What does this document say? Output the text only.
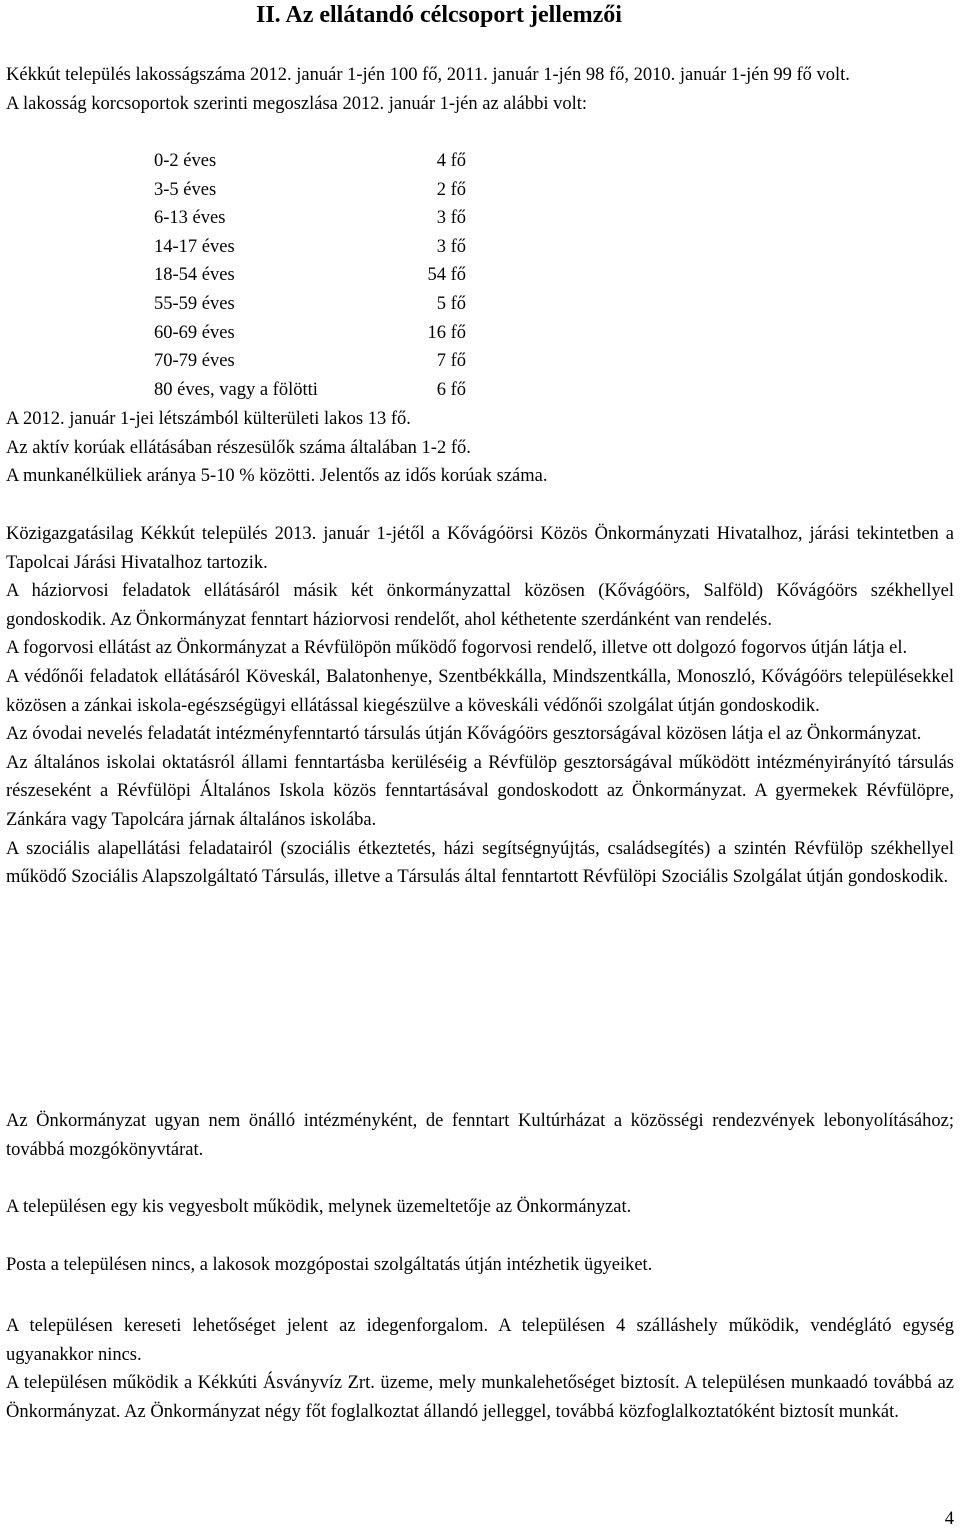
II. Az ellátandó célcsoport jellemzői

Kékkút település lakosságszáma 2012. január 1-jén 100 fő, 2011. január 1-jén 98 fő, 2010. január 1-jén 99 fő volt.

A lakosság korcsoportok szerinti megoszlása 2012. január 1-jén az alábbi volt:

0-2 éves	4 fő
3-5 éves	2 fő
6-13 éves	3 fő
14-17 éves	3 fő
18-54 éves	54 fő
55-59 éves	5 fő
60-69 éves	16 fő
70-79 éves	7 fő
80 éves, vagy a fölötti	6 fő

A 2012. január 1-jei létszámból külterületi lakos 13 fő.

Az aktív korúak ellátásában részesülők száma általában 1-2 fő.

A munkanélküliek aránya 5-10 % közötti. Jelentős az idős korúak száma.

Közigazgatásilag Kékkút település 2013. január 1-jétől a Kővágóörsi Közös Önkormányzati Hivatalhoz, járási tekintetben a Tapolcai Járási Hivatalhoz tartozik.

A háziorvosi feladatok ellátásáról másik két önkormányzattal közösen (Kővágóörs, Salföld) Kővágóörs székhellyel gondoskodik. Az Önkormányzat fenntart háziorvosi rendelőt, ahol kéthetente szerdánként van rendelés.

A fogorvosi ellátást az Önkormányzat a Révfülöpön működő fogorvosi rendelő, illetve ott dolgozó fogorvos útján látja el.

A védőnői feladatok ellátásáról Köveskál, Balatonhenye, Szentbékkálla, Mindszentkálla, Monoszló, Kővágóörs településekkel közösen a zánkai iskola-egészségügyi ellátással kiegészülve a köveskáli védőnői szolgálat útján gondoskodik.

Az óvodai nevelés feladatát intézményfenntartó társulás útján Kővágóörs gesztorságával közösen látja el az Önkormányzat.

Az általános iskolai oktatásról állami fenntartásba kerüléséig a Révfülöp gesztorságával működött intézményirányító társulás részeseként a Révfülöpi Általános Iskola közös fenntartásával gondoskodott az Önkormányzat. A gyermekek Révfülöpre, Zánkára vagy Tapolcára járnak általános iskolába.

A szociális alapellátási feladatairól (szociális étkeztetés, házi segítségnyújtás, családsegítés) a szintén Révfülöp székhellyel működő Szociális Alapszolgáltató Társulás, illetve a Társulás által fenntartott Révfülöpi Szociális Szolgálat útján gondoskodik.

Az Önkormányzat ugyan nem önálló intézményként, de fenntart Kultúrházat a közösségi rendezvények lebonyolításához; továbbá mozgókönyvtárat.

A településen egy kis vegyesbolt működik, melynek üzemeltetője az Önkormányzat.

Posta a településen nincs, a lakosok mozgópostai szolgáltatás útján intézhetik ügyeiket.

A településen kereseti lehetőséget jelent az idegenforgalom. A településen 4 szálláshely működik, vendéglátó egység ugyanakkor nincs.

A településen működik a Kékkúti Ásványvíz Zrt. üzeme, mely munkalehetőséget biztosít. A településen munkaadó továbbá az Önkormányzat. Az Önkormányzat négy főt foglalkoztat állandó jelleggel, továbbá közfoglalkoztatóként biztosít munkát.

4
